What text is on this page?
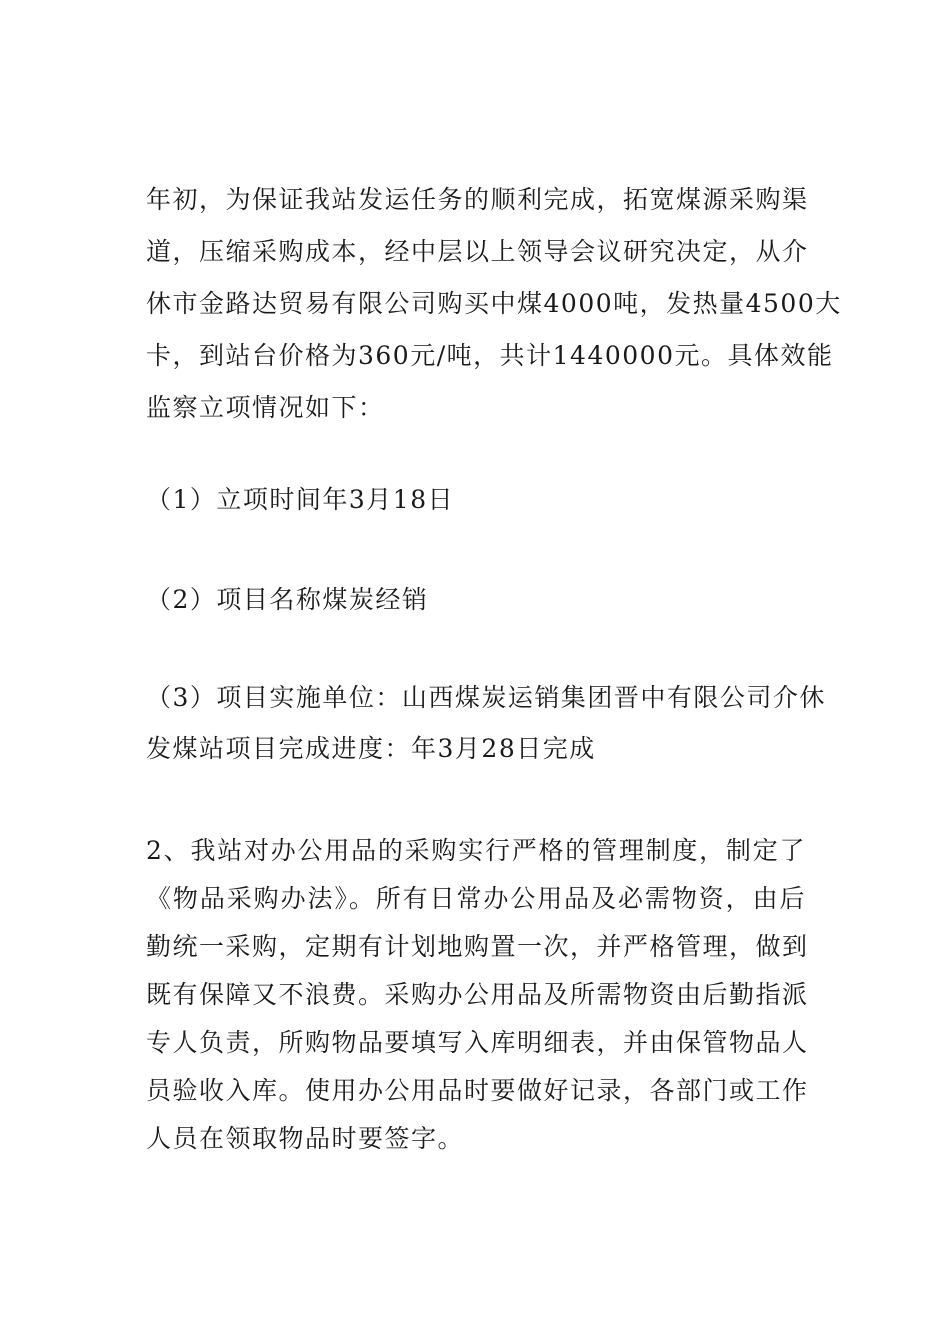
年初，为保证我站发运任务的顺利完成，拓宽煤源采购渠
道，压缩采购成本，经中层以上领导会议研究决定，从介
休市金路达贸易有限公司购买中煤4000吨，发热量4500大
卡，到站台价格为360元/吨，共计1440000元。具体效能
监察立项情况如下：
（1）立项时间年3月18日
（2）项目名称煤炭经销
（3）项目实施单位：山西煤炭运销集团晋中有限公司介休
发煤站项目完成进度：年3月28日完成
2、我站对办公用品的采购实行严格的管理制度，制定了
《物品采购办法》。所有日常办公用品及必需物资，由后
勤统一采购，定期有计划地购置一次，并严格管理，做到
既有保障又不浪费。采购办公用品及所需物资由后勤指派
专人负责，所购物品要填写入库明细表，并由保管物品人
员验收入库。使用办公用品时要做好记录，各部门或工作
人员在领取物品时要签字。
